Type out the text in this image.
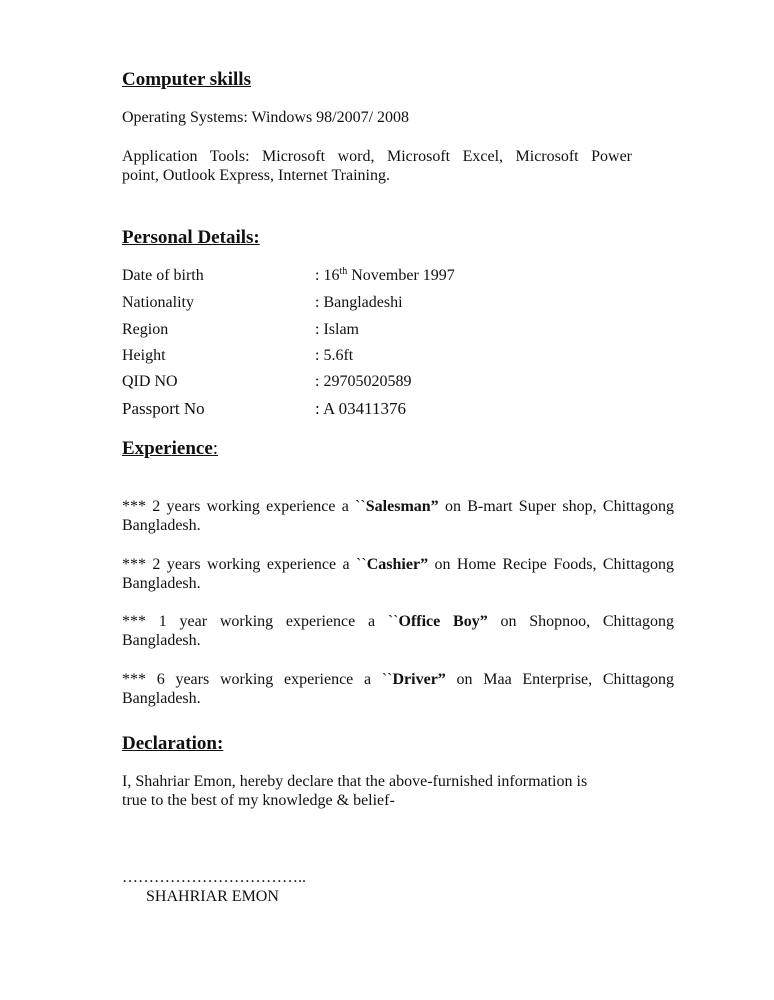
Computer skills
Operating Systems: Windows 98/2007/ 2008
Application Tools: Microsoft word, Microsoft Excel, Microsoft Power
point, Outlook Express, Internet Training.
Personal Details:
Date of birth	: 16th November 1997
Nationality	: Bangladeshi
Region	: Islam
Height	: 5.6ft
QID NO	: 29705020589
Passport No	: A 03411376
Experience:
*** 2 years working experience a ``Salesman” on B-mart Super shop, Chittagong
Bangladesh.
*** 2 years working experience a ``Cashier” on Home Recipe Foods, Chittagong
Bangladesh.
*** 1 year working experience a ``Office Boy” on Shopnoo, Chittagong
Bangladesh.
*** 6 years working experience a ``Driver” on Maa Enterprise, Chittagong
Bangladesh.
Declaration:
I, Shahriar Emon, hereby declare that the above-furnished information is
true to the best of my knowledge & belief-
……………………………..
SHAHRIAR EMON
